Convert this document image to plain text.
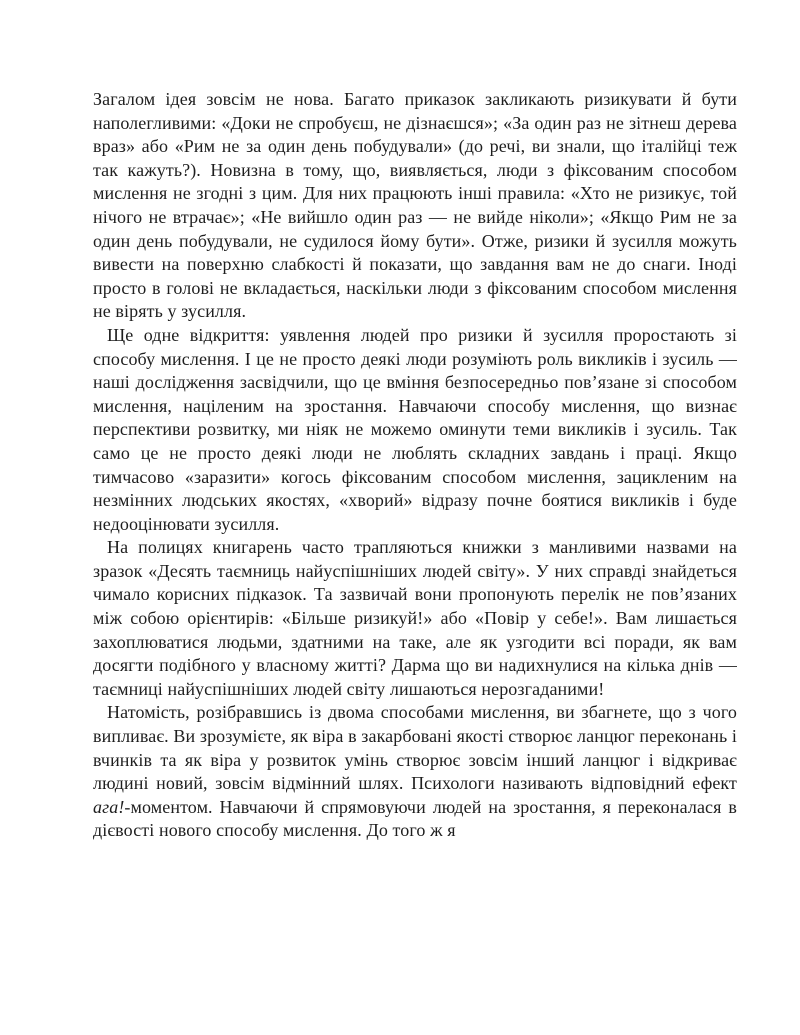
Загалом ідея зовсім не нова. Багато приказок закликають ризикувати й бути наполегливими: «Доки не спробуєш, не дізнаєшся»; «За один раз не зітнеш дерева враз» або «Рим не за один день побудували» (до речі, ви знали, що італійці теж так кажуть?). Новизна в тому, що, виявляється, люди з фіксованим способом мислення не згодні з цим. Для них працюють інші правила: «Хто не ризикує, той нічого не втрачає»; «Не вийшло один раз — не вийде ніколи»; «Якщо Рим не за один день побудували, не судилося йому бути». Отже, ризики й зусилля можуть вивести на поверхню слабкості й показати, що завдання вам не до снаги. Іноді просто в голові не вкладається, наскільки люди з фіксованим способом мислення не вірять у зусилля.

Ще одне відкриття: уявлення людей про ризики й зусилля проростають зі способу мислення. І це не просто деякі люди розуміють роль викликів і зусиль — наші дослідження засвідчили, що це вміння безпосередньо пов’язане зі способом мислення, націленим на зростання. Навчаючи способу мислення, що визнає перспективи розвитку, ми ніяк не можемо оминути теми викликів і зусиль. Так само це не просто деякі люди не люблять складних завдань і праці. Якщо тимчасово «заразити» когось фіксованим способом мислення, зацикленим на незмінних людських якостях, «хворий» відразу почне боятися викликів і буде недооцінювати зусилля.

На полицях книгарень часто трапляються книжки з манливими назвами на зразок «Десять таємниць найуспішніших людей світу». У них справді знайдеться чимало корисних підказок. Та зазвичай вони пропонують перелік не пов’язаних між собою орієнтирів: «Більше ризикуй!» або «Повір у себе!». Вам лишається захоплюватися людьми, здатними на таке, але як узгодити всі поради, як вам досягти подібного у власному житті? Дарма що ви надихнулися на кілька днів — таємниці найуспішніших людей світу лишаються нерозгаданими!

Натомість, розібравшись із двома способами мислення, ви збагнете, що з чого випливає. Ви зрозумієте, як віра в закарбовані якості створює ланцюг переконань і вчинків та як віра у розвиток умінь створює зовсім інший ланцюг і відкриває людині новий, зовсім відмінний шлях. Психологи називають відповідний ефект ага!-моментом. Навчаючи й спрямовуючи людей на зростання, я переконалася в дієвості нового способу мислення. До того ж я
